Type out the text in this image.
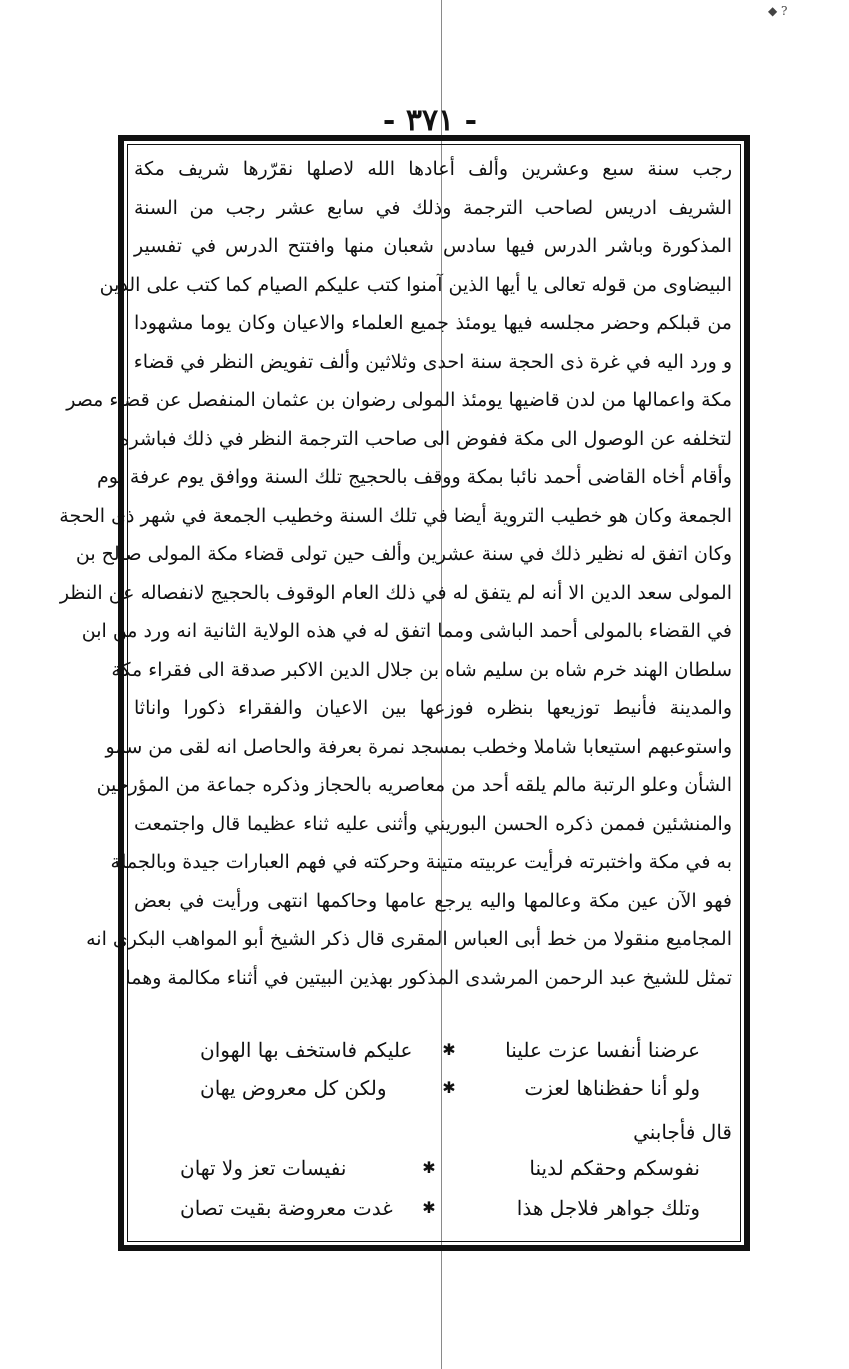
◆ ?
- ٣٧١ -
رجب سنة سبع وعشرين وألف أعادها الله لاصلها نقرّرها شريف مكة
الشريف ادريس لصاحب الترجمة وذلك في سابع عشر رجب من السنة
المذكورة وباشر الدرس فيها سادس شعبان منها وافتتح الدرس في تفسير
البيضاوى من قوله تعالى يا أيها الذين آمنوا كتب عليكم الصيام كما كتب على الذين
من قبلكم وحضر مجلسه فيها يومئذ جميع العلماء والاعيان وكان يوما مشهودا
و ورد اليه في غرة ذى الحجة سنة احدى وثلاثين وألف تفويض النظر في قضاء
مكة واعمالها من لدن قاضيها يومئذ المولى رضوان بن عثمان المنفصل عن قضاء مصر
لتخلفه عن الوصول الى مكة ففوض الى صاحب الترجمة النظر في ذلك فباشره
وأقام أخاه القاضى أحمد نائبا بمكة ووقف بالحجيج تلك السنة ووافق يوم عرفة يوم
الجمعة وكان هو خطيب التروية أيضا في تلك السنة وخطيب الجمعة في شهر ذى الحجة
وكان اتفق له نظير ذلك في سنة عشرين وألف حين تولى قضاء مكة المولى صالح بن
المولى سعد الدين الا أنه لم يتفق له في ذلك العام الوقوف بالحجيج لانفصاله عن النظر
في القضاء بالمولى أحمد الباشى ومما اتفق له في هذه الولاية الثانية انه ورد من ابن
سلطان الهند خرم شاه بن سليم شاه بن جلال الدين الاكبر صدقة الى فقراء مكة
والمدينة فأنيط توزيعها بنظره فوزعها بين الاعيان والفقراء ذكورا واناثا
واستوعبهم استيعابا شاملا وخطب بمسجد نمرة بعرفة والحاصل انه لقى من سمو
الشأن وعلو الرتبة مالم يلقه أحد من معاصريه بالحجاز وذكره جماعة من المؤرخين
والمنشئين فممن ذكره الحسن البوريني وأثنى عليه ثناء عظيما قال واجتمعت
به في مكة واختبرته فرأيت عربيته متينة وحركته في فهم العبارات جيدة وبالجملة
فهو الآن عين مكة وعالمها واليه يرجع عامها وحاكمها انتهى ورأيت في بعض
المجاميع منقولا من خط أبى العباس المقرى قال ذكر الشيخ أبو المواهب البكرى انه
تمثل للشيخ عبد الرحمن المرشدى المذكور بهذين البيتين في أثناء مكالمة وهما
عرضنا أنفسا عزت علينا
✱
عليكم فاستخف بها الهوان
ولو أنا حفظناها لعزت
✱
ولكن كل معروض يهان
قال فأجابني
نفوسكم وحقكم لدينا
✱
نفيسات تعز ولا تهان
وتلك جواهر فلاجل هذا
✱
غدت معروضة بقيت تصان
